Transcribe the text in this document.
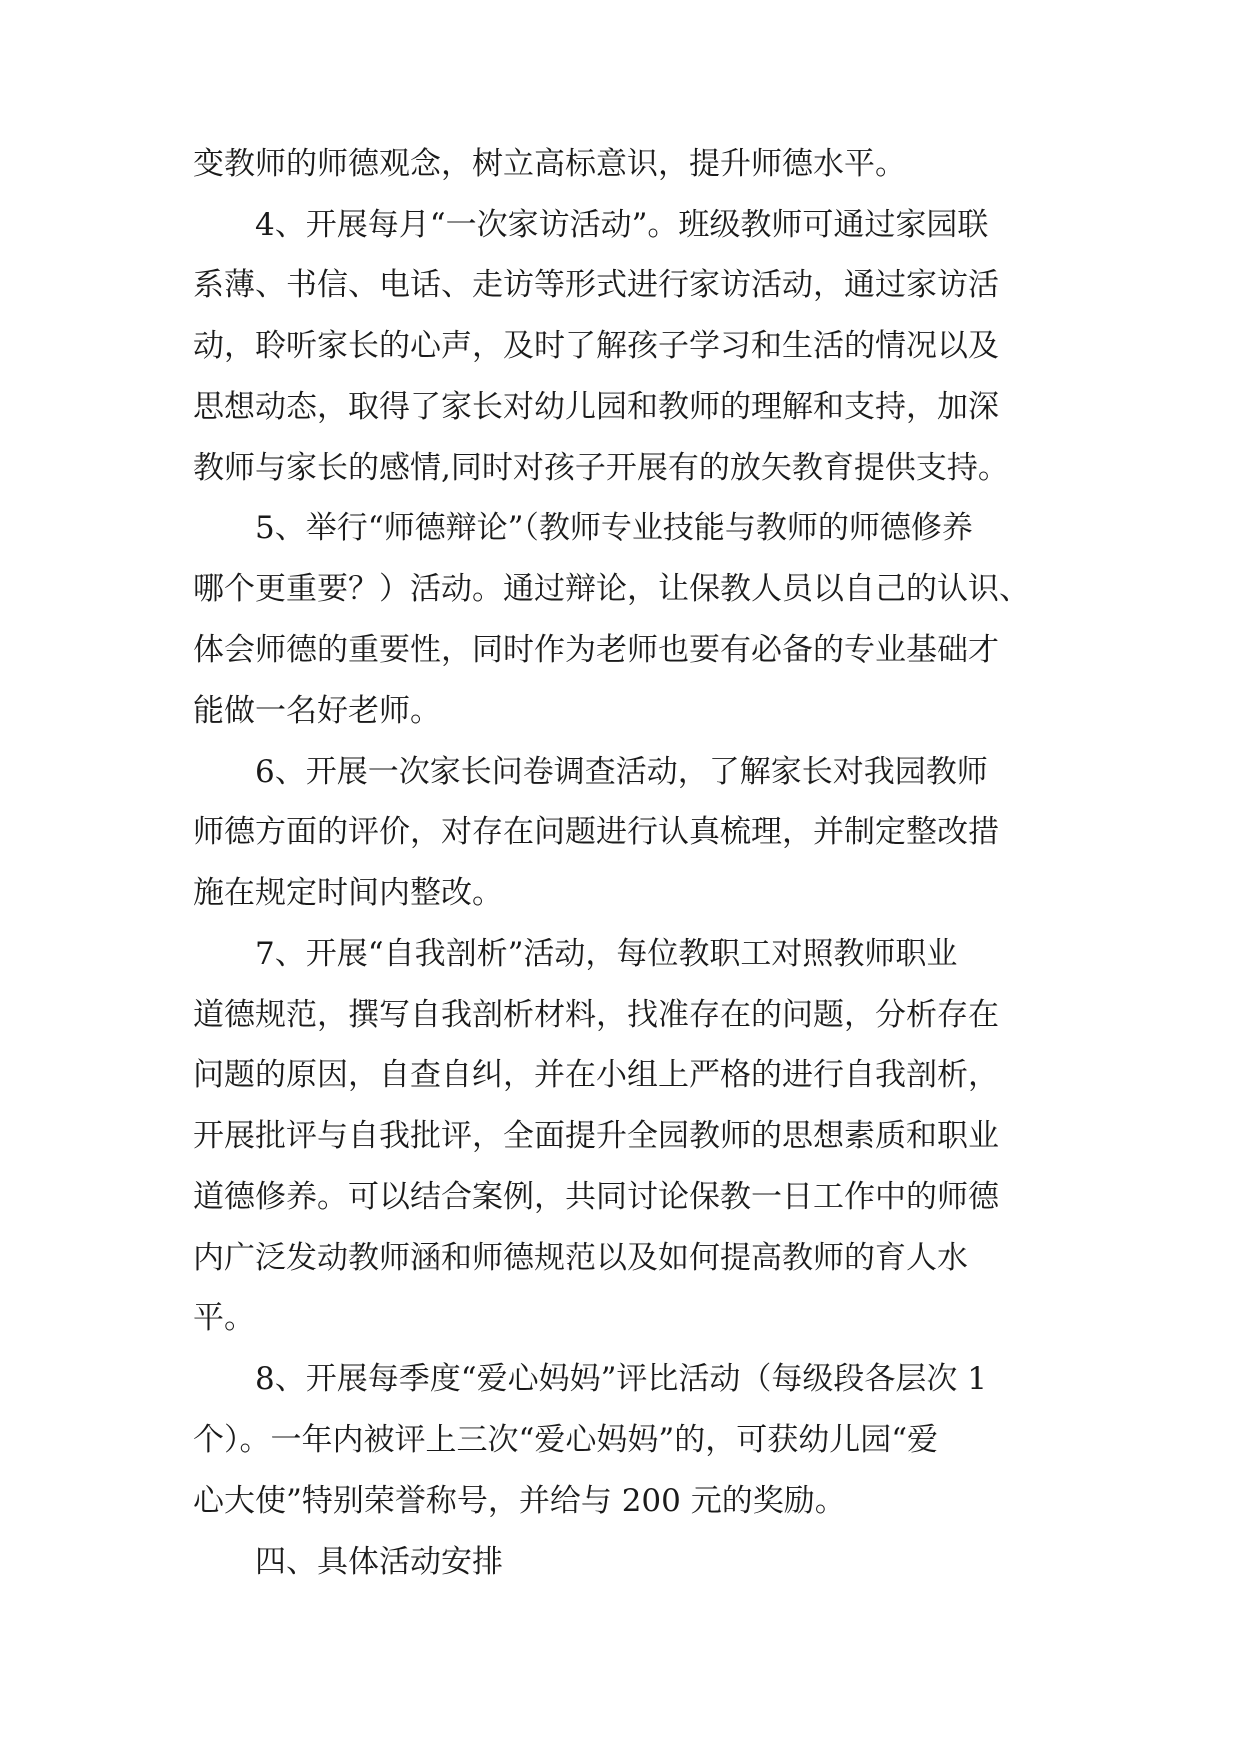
变教师的师德观念，树立高标意识，提升师德水平。
4、开展每月“一次家访活动”。班级教师可通过家园联
系薄、书信、电话、走访等形式进行家访活动，通过家访活
动，聆听家长的心声，及时了解孩子学习和生活的情况以及
思想动态，取得了家长对幼儿园和教师的理解和支持，加深
教师与家长的感情,同时对孩子开展有的放矢教育提供支持。
5、举行“师德辩论”（教师专业技能与教师的师德修养
哪个更重要？）活动。通过辩论，让保教人员以自己的认识、
体会师德的重要性，同时作为老师也要有必备的专业基础才
能做一名好老师。
6、开展一次家长问卷调查活动，了解家长对我园教师
师德方面的评价，对存在问题进行认真梳理，并制定整改措
施在规定时间内整改。
7、开展“自我剖析”活动，每位教职工对照教师职业
道德规范，撰写自我剖析材料，找准存在的问题，分析存在
问题的原因，自查自纠，并在小组上严格的进行自我剖析，
开展批评与自我批评，全面提升全园教师的思想素质和职业
道德修养。可以结合案例，共同讨论保教一日工作中的师德
内广泛发动教师涵和师德规范以及如何提高教师的育人水
平。
8、开展每季度“爱心妈妈”评比活动（每级段各层次 1
个）。一年内被评上三次“爱心妈妈”的，可获幼儿园“爱
心大使”特别荣誉称号，并给与 200 元的奖励。
四、具体活动安排
